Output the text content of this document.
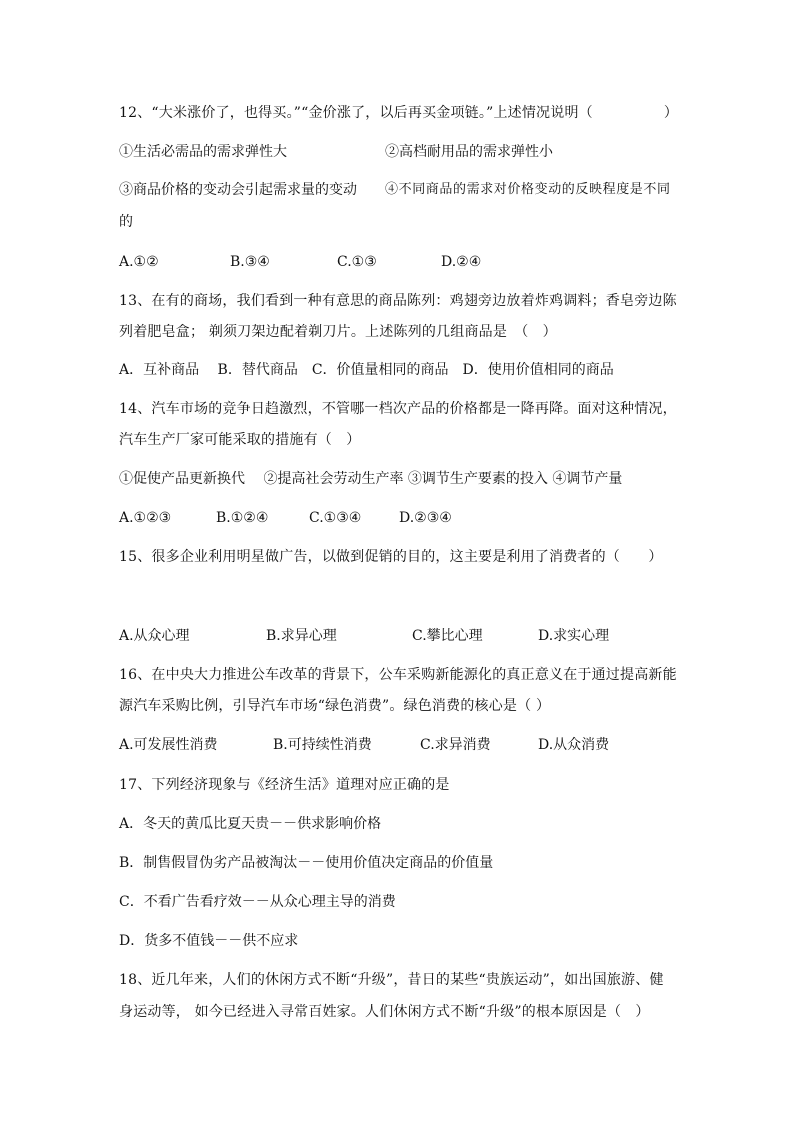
12、“大米涨价了，也得买。”“金价涨了，以后再买金项链。”上述情况说明（　　　　　）
①生活必需品的需求弹性大	②高档耐用品的需求弹性小
③商品价格的变动会引起需求量的变动 ④不同商品的需求对价格变动的反映程度是不同
的
A.①②	B.③④	C.①③	D.②④
13、在有的商场，我们看到一种有意思的商品陈列：鸡翅旁边放着炸鸡调料；香皂旁边陈
列着肥皂盒； 剃须刀架边配着剃刀片。上述陈列的几组商品是　（　）
A．互补商品　 B．替代商品　C．价值量相同的商品　D．使用价值相同的商品
14、汽车市场的竞争日趋激烈，不管哪一档次产品的价格都是一降再降。面对这种情况，
汽车生产厂家可能采取的措施有（　）
①促使产品更新换代　 ②提高社会劳动生产率 ③调节生产要素的投入 ④调节产量
A.①②③	B.①②④	C.①③④	D.②③④
15、很多企业利用明星做广告，以做到促销的目的，这主要是利用了消费者的（　　）
A.从众心理	B.求异心理	C.攀比心理	D.求实心理
16、在中央大力推进公车改革的背景下，公车采购新能源化的真正意义在于通过提高新能
源汽车采购比例，引导汽车市场“绿色消费”。绿色消费的核心是（ ）
A.可发展性消费	B.可持续性消费	C.求异消费	D.从众消费
17、下列经济现象与《经济生活》道理对应正确的是
A．冬天的黄瓜比夏天贵－－供求影响价格
B．制售假冒伪劣产品被淘汰－－使用价值决定商品的价值量
C．不看广告看疗效－－从众心理主导的消费
D．货多不值钱－－供不应求
18、近几年来，人们的休闲方式不断“升级”，昔日的某些“贵族运动”，如出国旅游、健
身运动等， 如今已经进入寻常百姓家。人们休闲方式不断“升级”的根本原因是（　）
